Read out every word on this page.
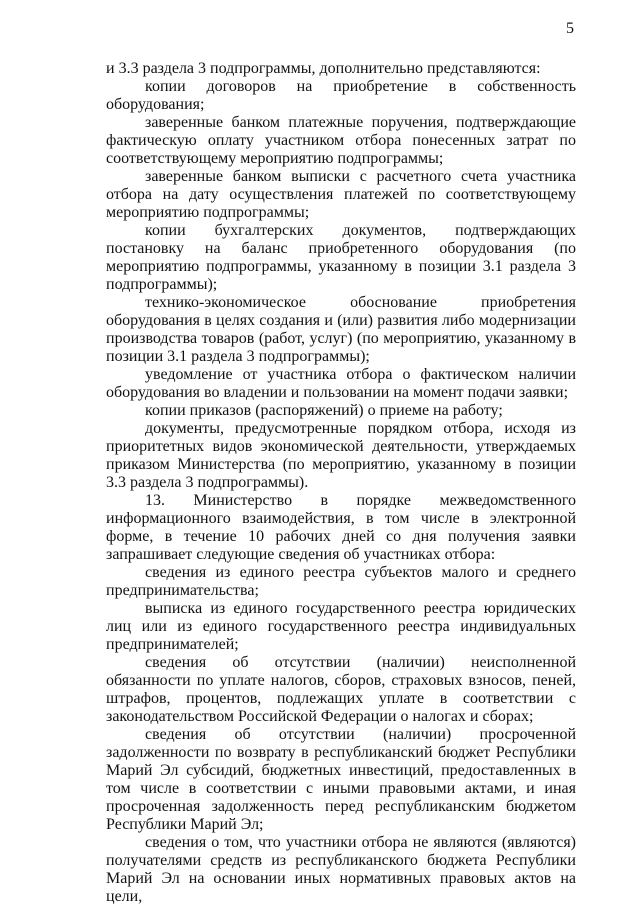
5

и 3.3 раздела 3 подпрограммы, дополнительно представляются:

копии договоров на приобретение в собственность оборудования;

заверенные банком платежные поручения, подтверждающие фактическую оплату участником отбора понесенных затрат по соответствующему мероприятию подпрограммы;

заверенные банком выписки с расчетного счета участника отбора на дату осуществления платежей по соответствующему мероприятию подпрограммы;

копии бухгалтерских документов, подтверждающих постановку на баланс приобретенного оборудования (по мероприятию подпрограммы, указанному в позиции 3.1 раздела 3 подпрограммы);

технико-экономическое обоснование приобретения оборудования в целях создания и (или) развития либо модернизации производства товаров (работ, услуг) (по мероприятию, указанному в позиции 3.1 раздела 3 подпрограммы);

уведомление от участника отбора о фактическом наличии оборудования во владении и пользовании на момент подачи заявки;

копии приказов (распоряжений) о приеме на работу;

документы, предусмотренные порядком отбора, исходя из приоритетных видов экономической деятельности, утверждаемых приказом Министерства (по мероприятию, указанному в позиции 3.3 раздела 3 подпрограммы).

13. Министерство в порядке межведомственного информационного взаимодействия, в том числе в электронной форме, в течение 10 рабочих дней со дня получения заявки запрашивает следующие сведения об участниках отбора:

сведения из единого реестра субъектов малого и среднего предпринимательства;

выписка из единого государственного реестра юридических лиц или из единого государственного реестра индивидуальных предпринимателей;

сведения об отсутствии (наличии) неисполненной обязанности по уплате налогов, сборов, страховых взносов, пеней, штрафов, процентов, подлежащих уплате в соответствии с законодательством Российской Федерации о налогах и сборах;

сведения об отсутствии (наличии) просроченной задолженности по возврату в республиканский бюджет Республики Марий Эл субсидий, бюджетных инвестиций, предоставленных в том числе в соответствии с иными правовыми актами, и иная просроченная задолженность перед республиканским бюджетом Республики Марий Эл;

сведения о том, что участники отбора не являются (являются) получателями средств из республиканского бюджета Республики Марий Эл на основании иных нормативных правовых актов на цели,
